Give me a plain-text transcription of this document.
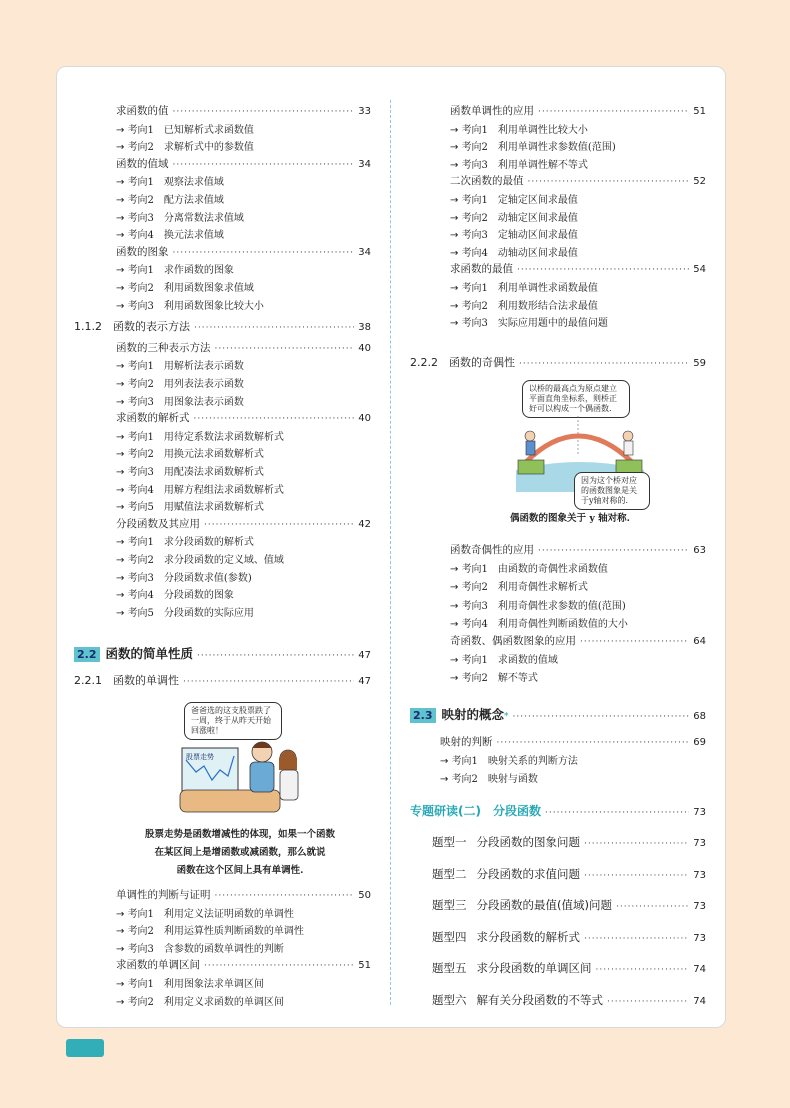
求函数的值 ·····	33
→ 考向1　已知解析式求函数值
→ 考向2　求解析式中的参数值
函数的值域 ·····	34
→ 考向1　观察法求值域
→ 考向2　配方法求值域
→ 考向3　分离常数法求值域
→ 考向4　换元法求值域
函数的图象 ·····	34
→ 考向1　求作函数的图象
→ 考向2　利用函数图象求值域
→ 考向3　利用函数图象比较大小
1.1.2　 函数的表示方法 ·····	38
函数的三种表示方法 ·····	40
→ 考向1　用解析法表示函数
→ 考向2　用列表法表示函数
→ 考向3　用图象法表示函数
求函数的解析式 ·····	40
→ 考向1　用待定系数法求函数解析式
→ 考向2　用换元法求函数解析式
→ 考向3　用配凑法求函数解析式
→ 考向4　用解方程组法求函数解析式
→ 考向5　用赋值法求函数解析式
分段函数及其应用 ·····	42
→ 考向1　求分段函数的解析式
→ 考向2　求分段函数的定义域、值域
→ 考向3　分段函数求值(参数)
→ 考向4　分段函数的图象
→ 考向5　分段函数的实际应用
2.2 函数的简单性质 ·····	47
2.2.1　 函数的单调性 ·····	47
股票走势是函数增减性的体现，如果一个函数
在某区间上是增函数或减函数，那么就说
函数在这个区间上具有单调性.
单调性的判断与证明 ·····	50
→ 考向1　利用定义法证明函数的单调性
→ 考向2　利用运算性质判断函数的单调性
→ 考向3　含参数的函数单调性的判断
求函数的单调区间 ·····	51
→ 考向1　利用图象法求单调区间
→ 考向2　利用定义求函数的单调区间
函数单调性的应用 ·····	51
→ 考向1　利用单调性比较大小
→ 考向2　利用单调性求参数值(范围)
→ 考向3　利用单调性解不等式
二次函数的最值 ·····	52
→ 考向1　定轴定区间求最值
→ 考向2　动轴定区间求最值
→ 考向3　定轴动区间求最值
→ 考向4　动轴动区间求最值
求函数的最值 ·····	54
→ 考向1　利用单调性求函数最值
→ 考向2　利用数形结合法求最值
→ 考向3　实际应用题中的最值问题
2.2.2　 函数的奇偶性 ·····	59
偶函数的图象关于 y 轴对称.
函数奇偶性的应用 ·····	63
→ 考向1　由函数的奇偶性求函数值
→ 考向2　利用奇偶性求解析式
→ 考向3　利用奇偶性求参数的值(范围)
→ 考向4　利用奇偶性判断函数值的大小
奇函数、偶函数图象的应用 ·····	64
→ 考向1　求函数的值域
→ 考向2　解不等式
2.3 映射的概念 * ·····	68
映射的判断 ·····	69
→ 考向1　映射关系的判断方法
→ 考向2　映射与函数
专题研读(二)　分段函数 ·····	73
题型一 分段函数的图象问题 ·····	73
题型二 分段函数的求值问题 ·····	73
题型三 分段函数的最值(值域)问题 ·····	73
题型四 求分段函数的解析式 ·····	73
题型五 求分段函数的单调区间 ·····	74
题型六 解有关分段函数的不等式 ·····	74
爸爸选的这支股票跌了一周，终于从昨天开始回涨啦！
股票走势
以桥的最高点为原点建立平面直角坐标系，则桥正好可以构成一个偶函数.
因为这个桥对应的函数图象是关于y轴对称的.
